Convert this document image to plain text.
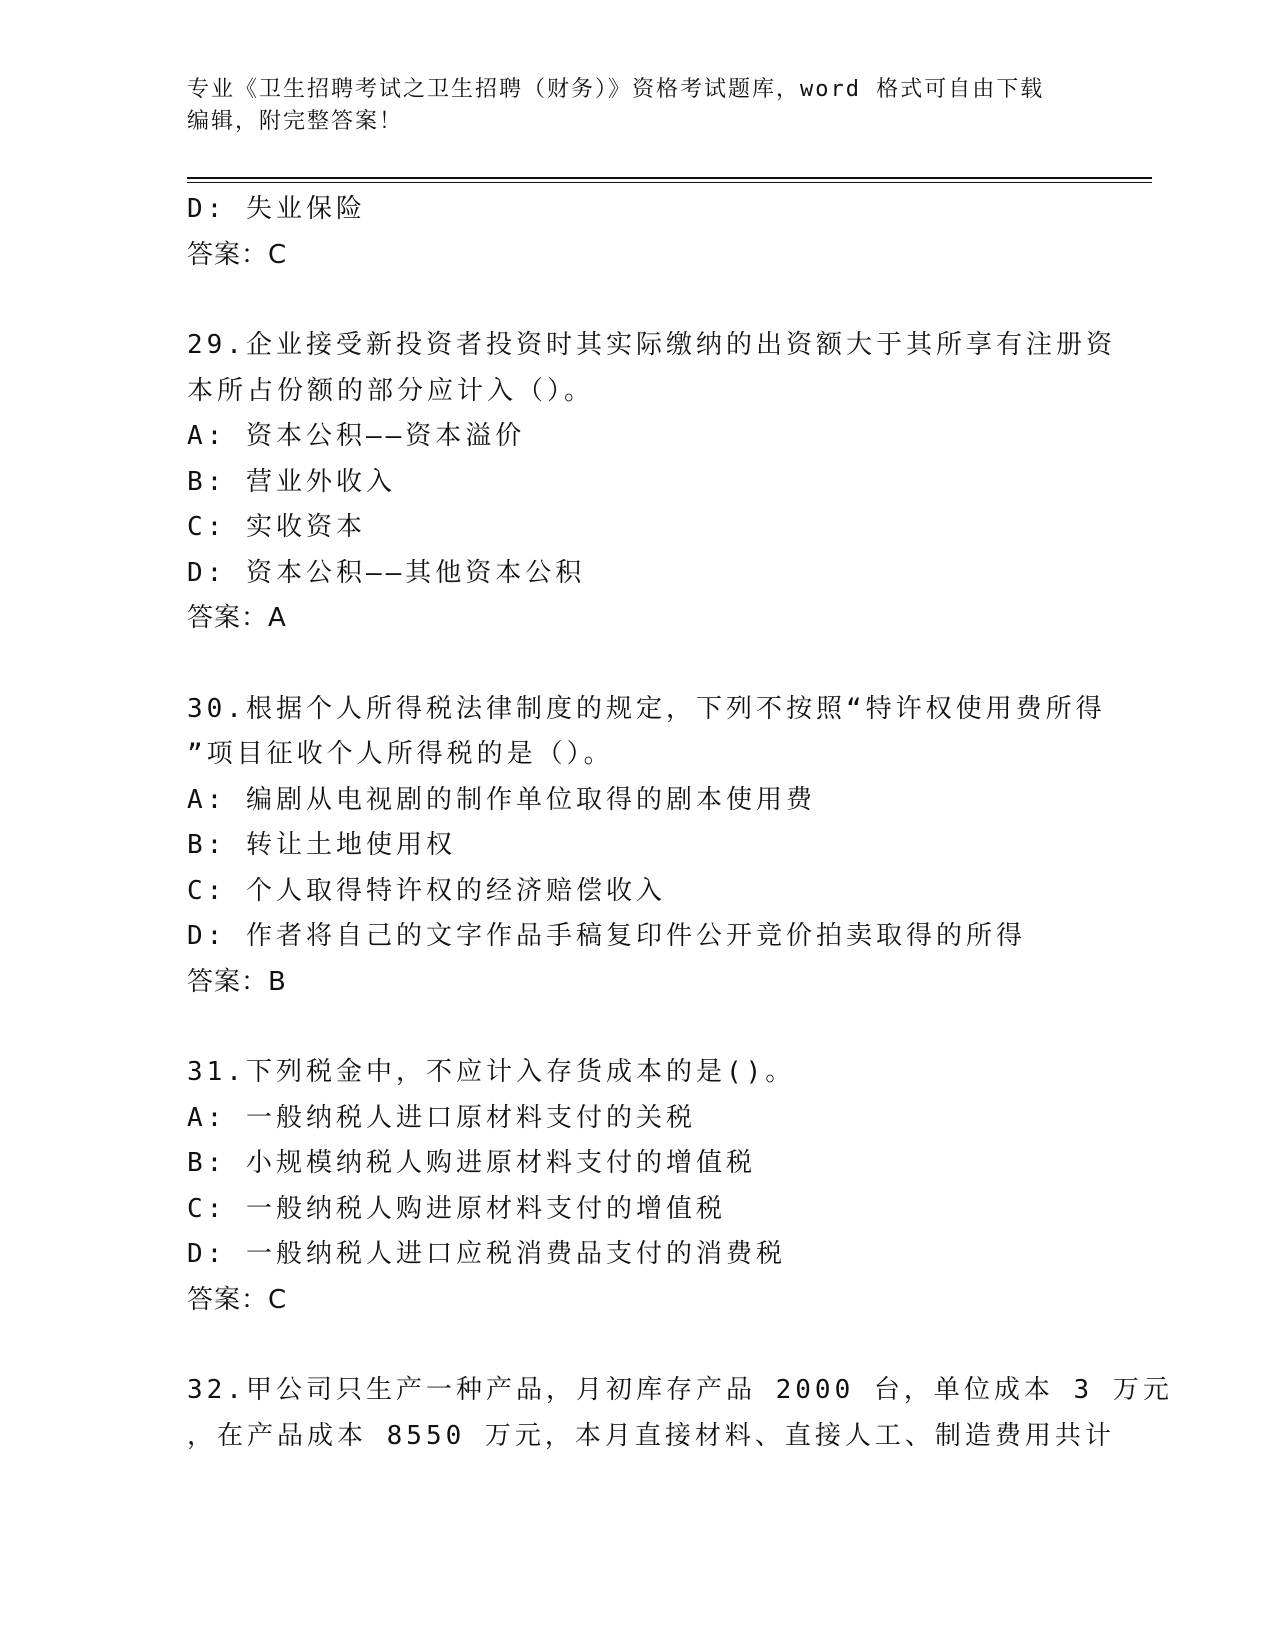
专业《卫生招聘考试之卫生招聘（财务）》资格考试题库，word 格式可自由下载
编辑，附完整答案！
D: 失业保险
答案：C
29.企业接受新投资者投资时其实际缴纳的出资额大于其所享有注册资
本所占份额的部分应计入（）。
A: 资本公积——资本溢价
B: 营业外收入
C: 实收资本
D: 资本公积——其他资本公积
答案：A
30.根据个人所得税法律制度的规定，下列不按照“特许权使用费所得
”项目征收个人所得税的是（）。
A: 编剧从电视剧的制作单位取得的剧本使用费
B: 转让土地使用权
C: 个人取得特许权的经济赔偿收入
D: 作者将自己的文字作品手稿复印件公开竞价拍卖取得的所得
答案：B
31.下列税金中，不应计入存货成本的是()。
A: 一般纳税人进口原材料支付的关税
B: 小规模纳税人购进原材料支付的增值税
C: 一般纳税人购进原材料支付的增值税
D: 一般纳税人进口应税消费品支付的消费税
答案：C
32.甲公司只生产一种产品，月初库存产品 2000 台，单位成本 3 万元
，在产品成本 8550 万元，本月直接材料、直接人工、制造费用共计
